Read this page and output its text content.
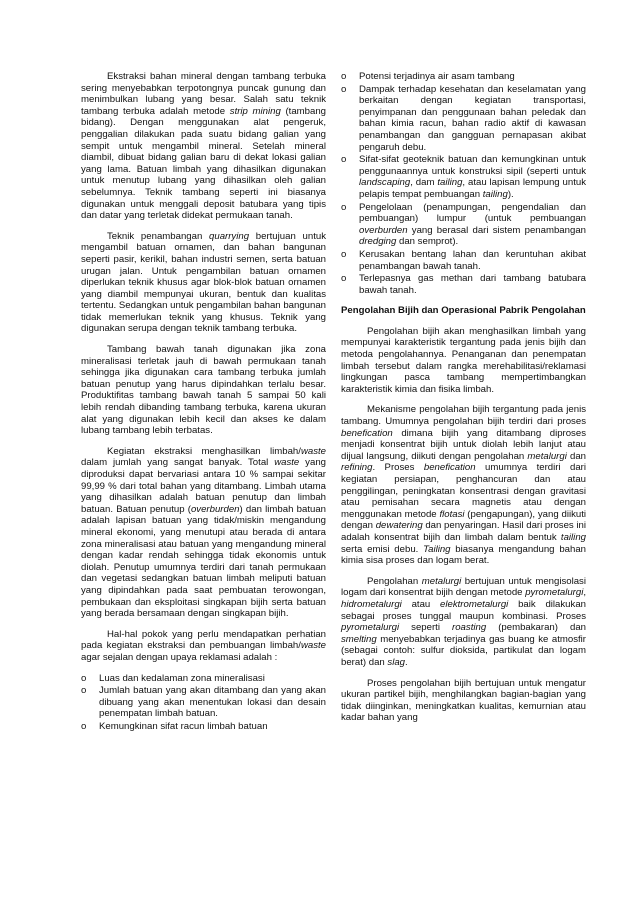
Ekstraksi bahan mineral dengan tambang terbuka sering menyebabkan terpotongnya puncak gunung dan menimbulkan lubang yang besar. Salah satu teknik tambang terbuka adalah metode strip mining (tambang bidang). Dengan menggunakan alat pengeruk, penggalian dilakukan pada suatu bidang galian yang sempit untuk mengambil mineral. Setelah mineral diambil, dibuat bidang galian baru di dekat lokasi galian yang lama. Batuan limbah yang dihasilkan digunakan untuk menutup lubang yang dihasilkan oleh galian sebelumnya. Teknik tambang seperti ini biasanya digunakan untuk menggali deposit batubara yang tipis dan datar yang terletak didekat permukaan tanah.

Teknik penambangan quarrying bertujuan untuk mengambil batuan ornamen, dan bahan bangunan seperti pasir, kerikil, bahan industri semen, serta batuan urugan jalan. Untuk pengambilan batuan ornamen diperlukan teknik khusus agar blok-blok batuan ornamen yang diambil mempunyai ukuran, bentuk dan kualitas tertentu. Sedangkan untuk pengambilan bahan bangunan tidak memerlukan teknik yang khusus. Teknik yang digunakan serupa dengan teknik tambang terbuka.

Tambang bawah tanah digunakan jika zona mineralisasi terletak jauh di bawah permukaan tanah sehingga jika digunakan cara tambang terbuka jumlah batuan penutup yang harus dipindahkan terlalu besar. Produktifitas tambang bawah tanah 5 sampai 50 kali lebih rendah dibanding tambang terbuka, karena ukuran alat yang digunakan lebih kecil dan akses ke dalam lubang tambang lebih terbatas.

Kegiatan ekstraksi menghasilkan limbah/waste dalam jumlah yang sangat banyak. Total waste yang diproduksi dapat bervariasi antara 10 % sampai sekitar 99,99 % dari total bahan yang ditambang. Limbah utama yang dihasilkan adalah batuan penutup dan limbah batuan. Batuan penutup (overburden) dan limbah batuan adalah lapisan batuan yang tidak/miskin mengandung mineral ekonomi, yang menutupi atau berada di antara zona mineralisasi atau batuan yang mengandung mineral dengan kadar rendah sehingga tidak ekonomis untuk diolah. Penutup umumnya terdiri dari tanah permukaan dan vegetasi sedangkan batuan limbah meliputi batuan yang dipindahkan pada saat pembuatan terowongan, pembukaan dan eksploitasi singkapan bijih serta batuan yang berada bersamaan dengan singkapan bijih.

Hal-hal pokok yang perlu mendapatkan perhatian pada kegiatan ekstraksi dan pembuangan limbah/waste agar sejalan dengan upaya reklamasi adalah :

o Luas dan kedalaman zona mineralisasi
o Jumlah batuan yang akan ditambang dan yang akan dibuang yang akan menentukan lokasi dan desain penempatan limbah batuan.
o Kemungkinan sifat racun limbah batuan
o Potensi terjadinya air asam tambang
o Dampak terhadap kesehatan dan keselamatan yang berkaitan dengan kegiatan transportasi, penyimpanan dan penggunaan bahan peledak dan bahan kimia racun, bahan radio aktif di kawasan penambangan dan gangguan pernapasan akibat pengaruh debu.
o Sifat-sifat geoteknik batuan dan kemungkinan untuk penggunaannya untuk konstruksi sipil (seperti untuk landscaping, dam tailing, atau lapisan lempung untuk pelapis tempat pembuangan tailing).
o Pengelolaan (penampungan, pengendalian dan pembuangan) lumpur (untuk pembuangan overburden yang berasal dari sistem penambangan dredging dan semprot).
o Kerusakan bentang lahan dan keruntuhan akibat penambangan bawah tanah.
o Terlepasnya gas methan dari tambang batubara bawah tanah.
Pengolahan Bijih dan Operasional Pabrik Pengolahan

Pengolahan bijih akan menghasilkan limbah yang mempunyai karakteristik tergantung pada jenis bijih dan metoda pengolahannya. Penanganan dan penempatan limbah tersebut dalam rangka merehabilitasi/reklamasi lingkungan pasca tambang mempertimbangkan karakteristik kimia dan fisika limbah.

Mekanisme pengolahan bijih tergantung pada jenis tambang. Umumnya pengolahan bijih terdiri dari proses benefication dimana bijih yang ditambang diproses menjadi konsentrat bijih untuk diolah lebih lanjut atau dijual langsung, diikuti dengan pengolahan metalurgi dan refining. Proses benefication umumnya terdiri dari kegiatan persiapan, penghancuran dan atau penggilingan, peningkatan konsentrasi dengan gravitasi atau pemisahan secara magnetis atau dengan menggunakan metode flotasi (pengapungan), yang diikuti dengan dewatering dan penyaringan. Hasil dari proses ini adalah konsentrat bijih dan limbah dalam bentuk tailing serta emisi debu. Tailing biasanya mengandung bahan kimia sisa proses dan logam berat.

Pengolahan metalurgi bertujuan untuk mengisolasi logam dari konsentrat bijih dengan metode pyrometalurgi, hidrometalurgi atau elektrometalurgi baik dilakukan sebagai proses tunggal maupun kombinasi. Proses pyrometalurgi seperti roasting (pembakaran) dan smelting menyebabkan terjadinya gas buang ke atmosfir (sebagai contoh: sulfur dioksida, partikulat dan logam berat) dan slag.

Proses pengolahan bijih bertujuan untuk mengatur ukuran partikel bijih, menghilangkan bagian-bagian yang tidak diinginkan, meningkatkan kualitas, kemurnian atau kadar bahan yang
